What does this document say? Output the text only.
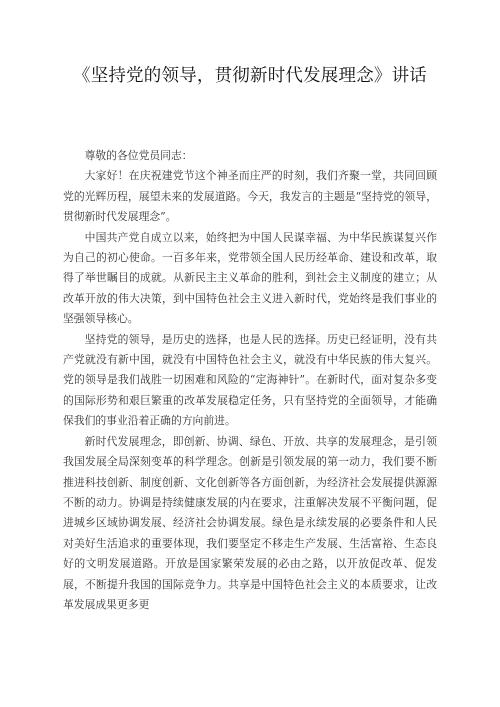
《坚持党的领导，贯彻新时代发展理念》讲话

尊敬的各位党员同志：

大家好！在庆祝建党节这个神圣而庄严的时刻，我们齐聚一堂，共同回顾党的光辉历程，展望未来的发展道路。今天，我发言的主题是“坚持党的领导，贯彻新时代发展理念”。

中国共产党自成立以来，始终把为中国人民谋幸福、为中华民族谋复兴作为自己的初心使命。一百多年来，党带领全国人民历经革命、建设和改革，取得了举世瞩目的成就。从新民主主义革命的胜利，到社会主义制度的建立；从改革开放的伟大决策，到中国特色社会主义进入新时代，党始终是我们事业的坚强领导核心。

坚持党的领导，是历史的选择，也是人民的选择。历史已经证明，没有共产党就没有新中国，就没有中国特色社会主义，就没有中华民族的伟大复兴。党的领导是我们战胜一切困难和风险的“定海神针”。在新时代，面对复杂多变的国际形势和艰巨繁重的改革发展稳定任务，只有坚持党的全面领导，才能确保我们的事业沿着正确的方向前进。

新时代发展理念，即创新、协调、绿色、开放、共享的发展理念，是引领我国发展全局深刻变革的科学理念。创新是引领发展的第一动力，我们要不断推进科技创新、制度创新、文化创新等各方面创新，为经济社会发展提供源源不断的动力。协调是持续健康发展的内在要求，注重解决发展不平衡问题，促进城乡区域协调发展、经济社会协调发展。绿色是永续发展的必要条件和人民对美好生活追求的重要体现，我们要坚定不移走生产发展、生活富裕、生态良好的文明发展道路。开放是国家繁荣发展的必由之路，以开放促改革、促发展，不断提升我国的国际竞争力。共享是中国特色社会主义的本质要求，让改革发展成果更多更
